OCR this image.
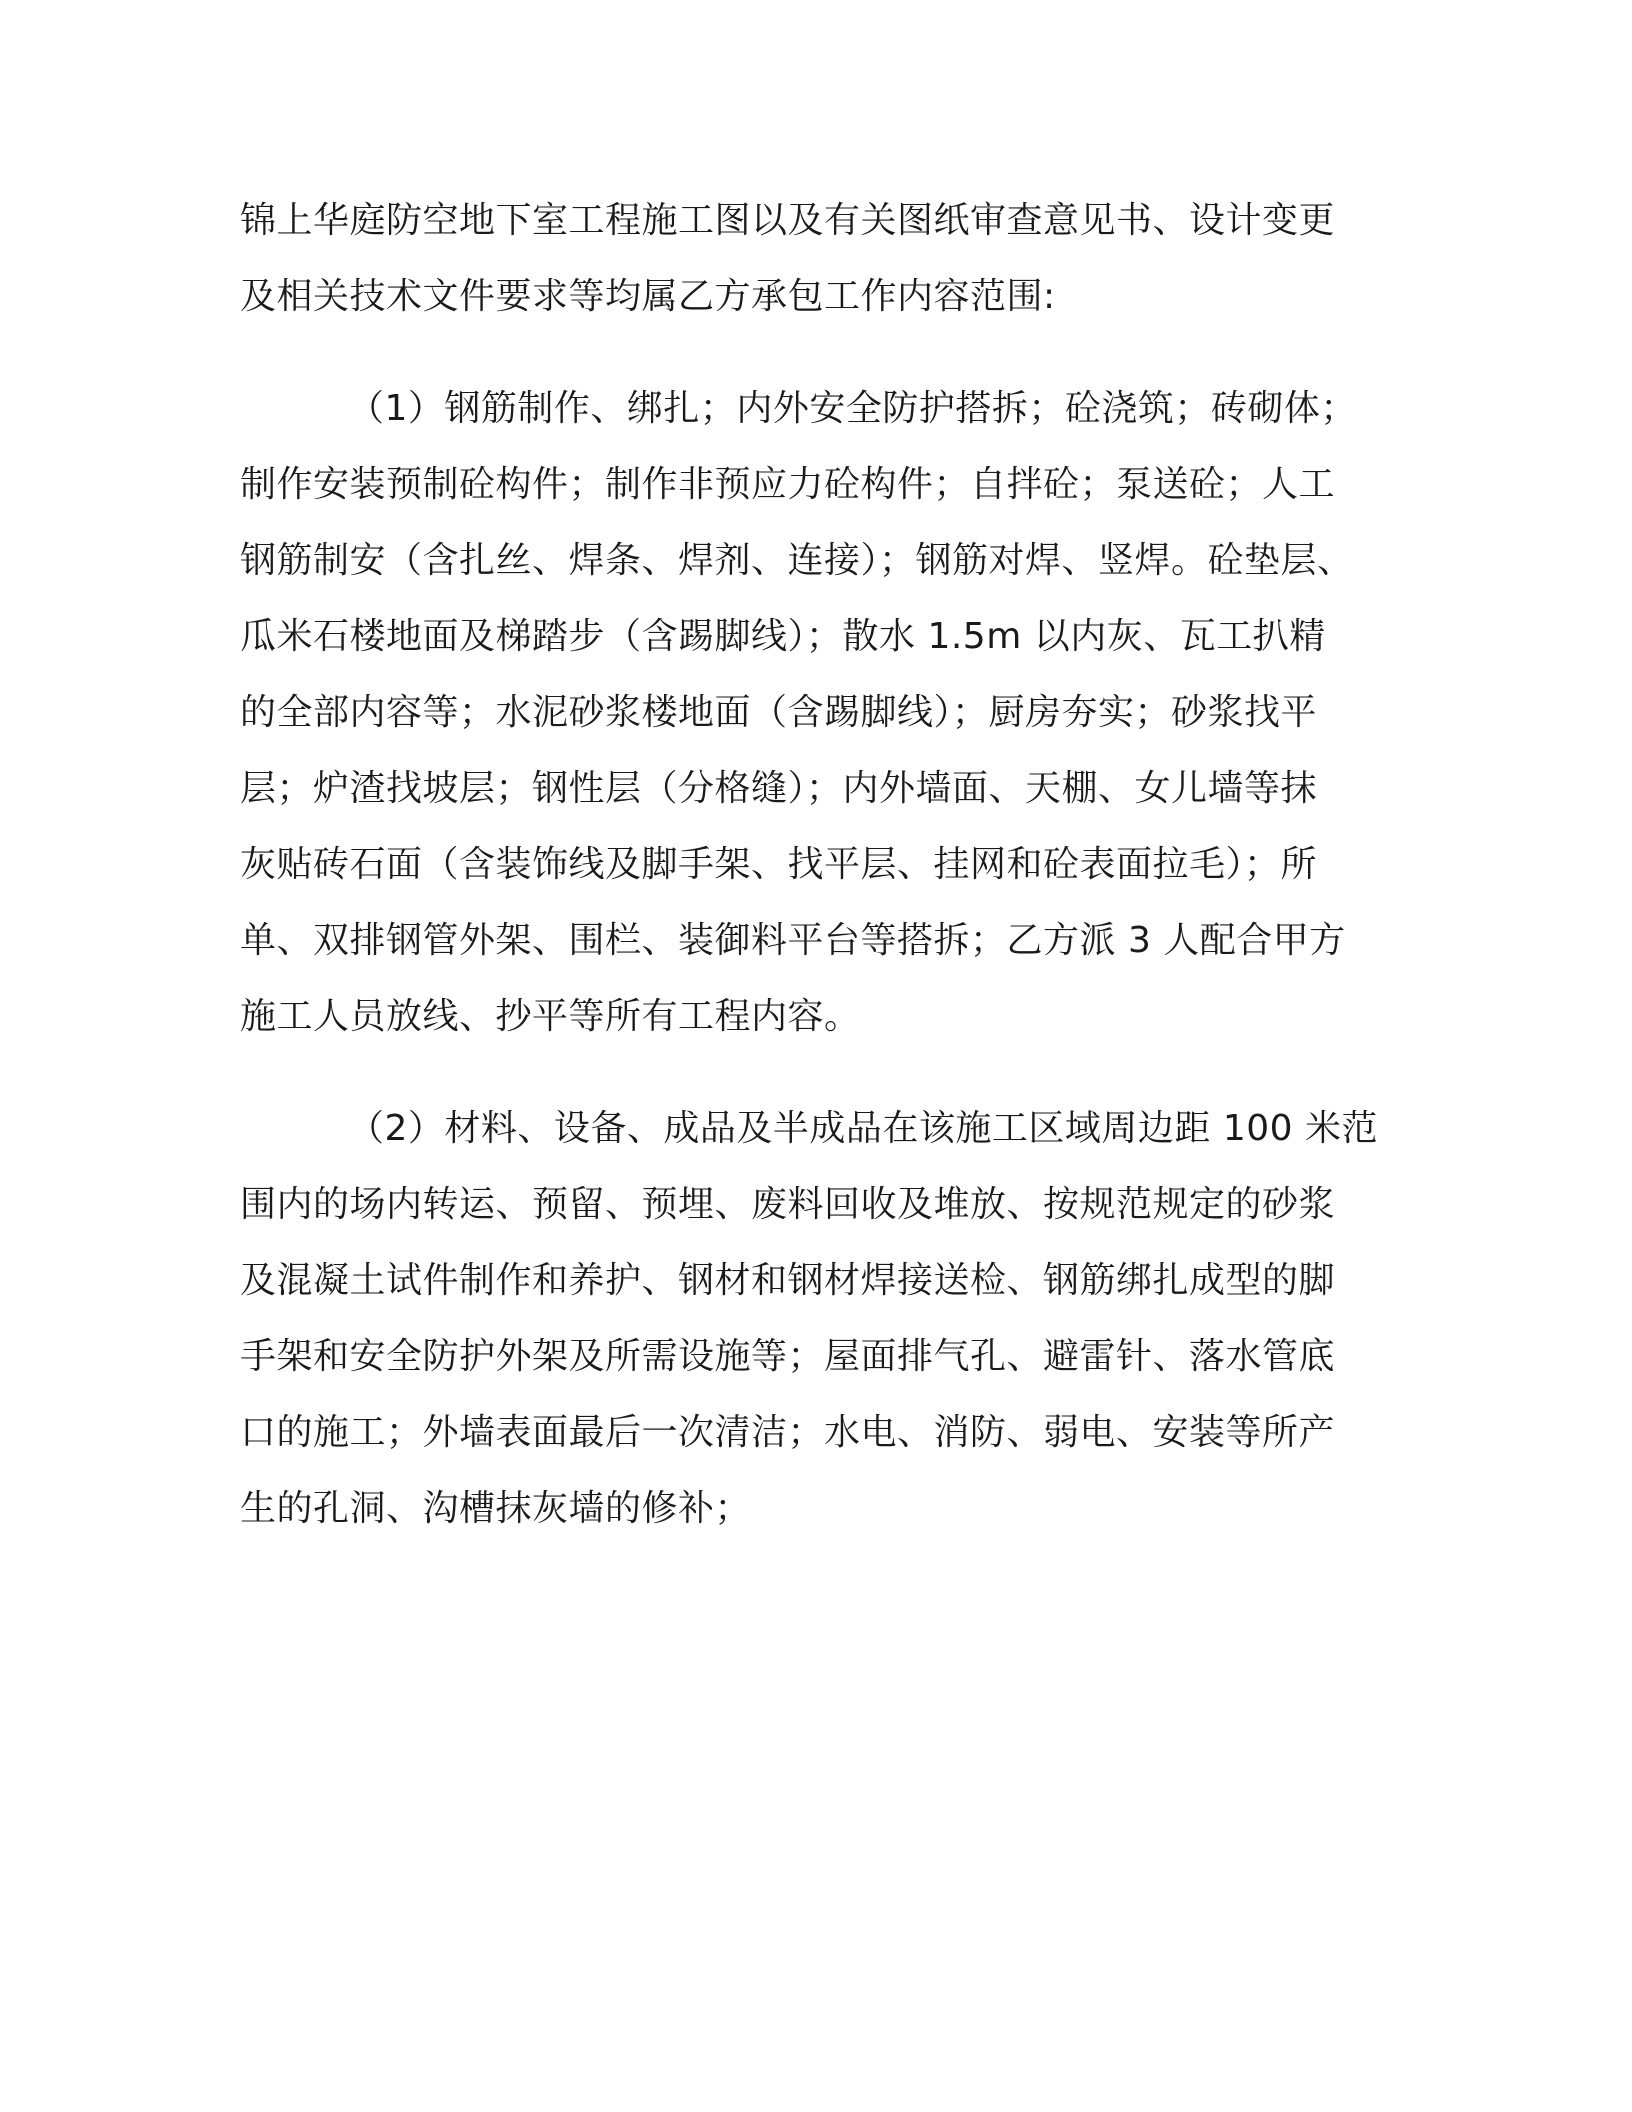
锦上华庭防空地下室工程施工图以及有关图纸审查意见书、设计变更
及相关技术文件要求等均属乙方承包工作内容范围:
（1）钢筋制作、绑扎；内外安全防护搭拆；砼浇筑；砖砌体；
制作安装预制砼构件；制作非预应力砼构件；自拌砼；泵送砼；人工
钢筋制安（含扎丝、焊条、焊剂、连接）；钢筋对焊、竖焊。砼垫层、
瓜米石楼地面及梯踏步（含踢脚线）；散水 1.5m 以内灰、瓦工扒精
的全部内容等；水泥砂浆楼地面（含踢脚线）；厨房夯实；砂浆找平
层；炉渣找坡层；钢性层（分格缝）；内外墙面、天棚、女儿墙等抹
灰贴砖石面（含装饰线及脚手架、找平层、挂网和砼表面拉毛）；所
单、双排钢管外架、围栏、装御料平台等搭拆；乙方派 3 人配合甲方
施工人员放线、抄平等所有工程内容。
（2）材料、设备、成品及半成品在该施工区域周边距 100 米范
围内的场内转运、预留、预埋、废料回收及堆放、按规范规定的砂浆
及混凝土试件制作和养护、钢材和钢材焊接送检、钢筋绑扎成型的脚
手架和安全防护外架及所需设施等；屋面排气孔、避雷针、落水管底
口的施工；外墙表面最后一次清洁；水电、消防、弱电、安装等所产
生的孔洞、沟槽抹灰墙的修补；
